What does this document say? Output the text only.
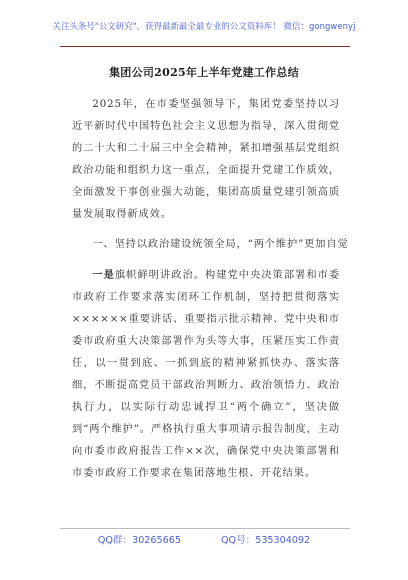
关注头条号"公文研究"，获得最新最全最专业的公文资料库！ 微信：gongwenyj
集团公司2025年上半年党建工作总结

2025年，在市委坚强领导下，集团党委坚持以习近平新时代中国特色社会主义思想为指导，深入贯彻党的二十大和二十届三中全会精神，紧扣增强基层党组织政治功能和组织力这一重点，全面提升党建工作质效，全面激发干事创业强大动能，集团高质量党建引领高质量发展取得新成效。

一、坚持以政治建设统领全局，“两个维护”更加自觉

一是旗帜鲜明讲政治。构建党中央决策部署和市委市政府工作要求落实闭环工作机制，坚持把贯彻落实××××××重要讲话、重要指示批示精神、党中央和市委市政府重大决策部署作为头等大事，压紧压实工作责任，以一贯到底、一抓到底的精神紧抓快办、落实落细，不断提高党员干部政治判断力、政治领悟力、政治执行力，以实际行动忠诚捍卫“两个确立”，坚决做到“两个维护”。严格执行重大事项请示报告制度，主动向市委市政府报告工作××次，确保党中央决策部署和市委市政府工作要求在集团落地生根、开花结果。

QQ群：30265665	QQ号：535304092
